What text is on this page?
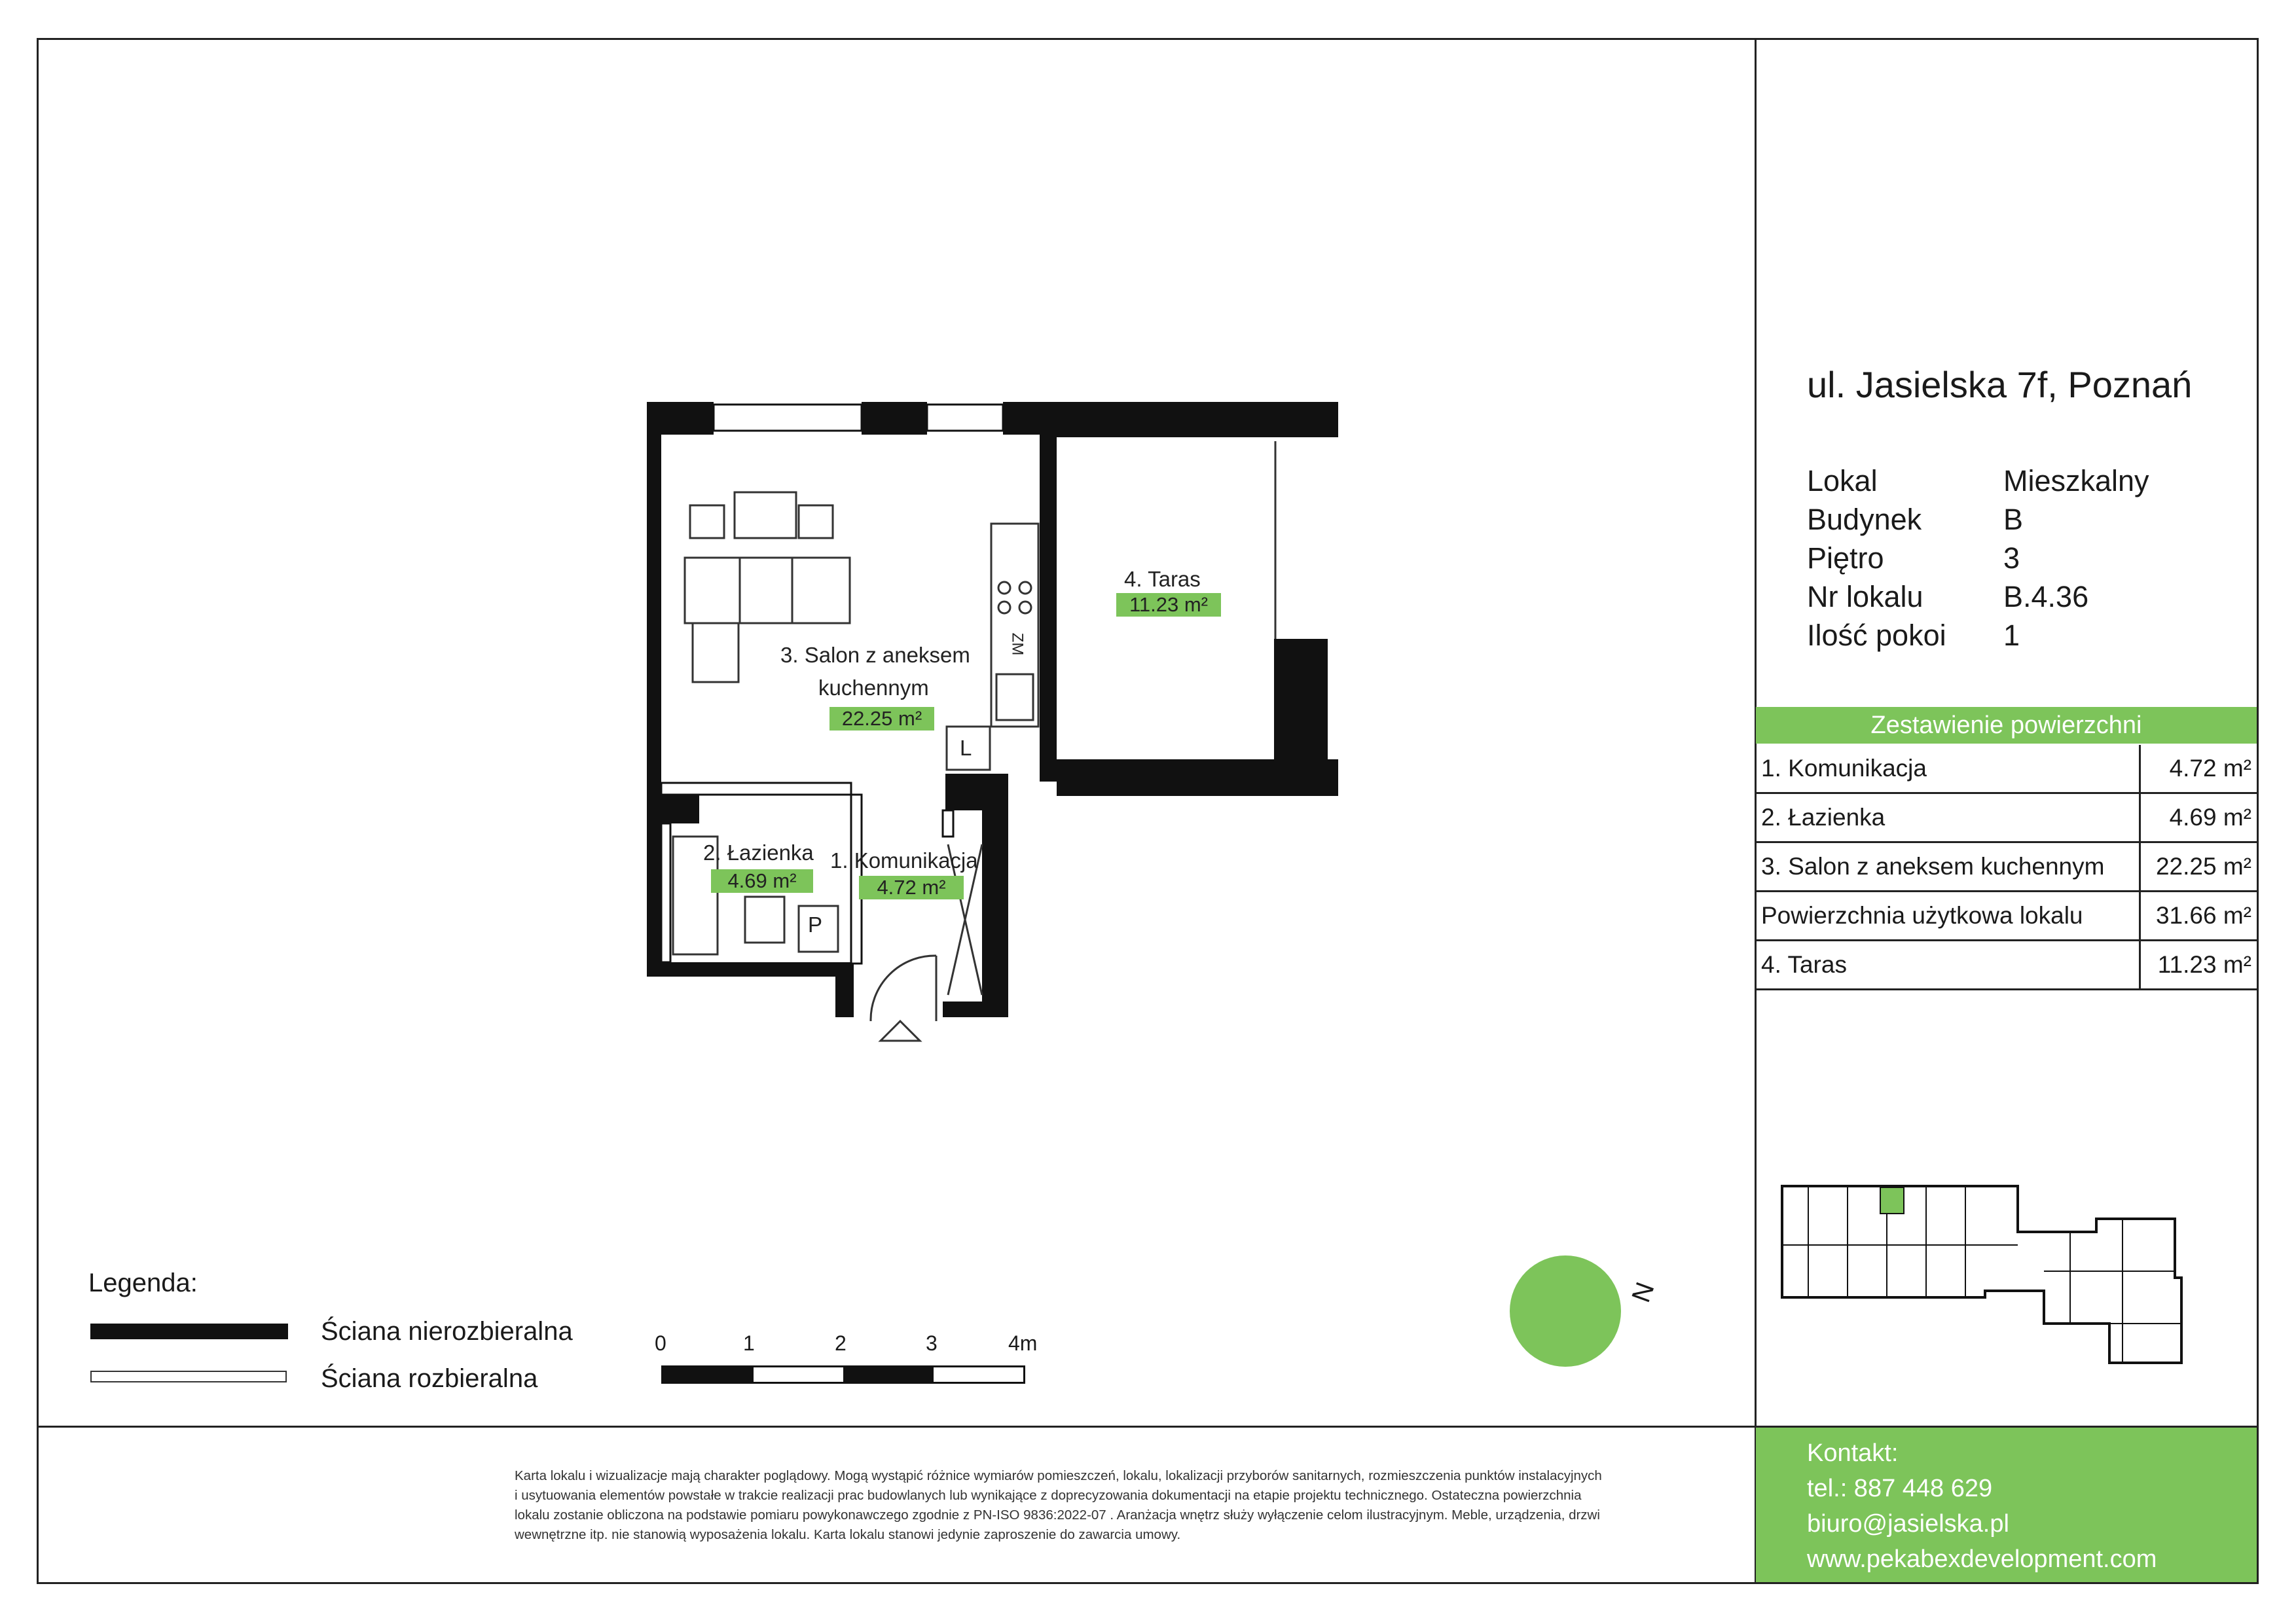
4. Taras
11.23 m²
3. Salon z aneksem
kuchennym
22.25 m²
2. Łazienka
4.69 m²
1. Komunikacja
4.72 m²
ZM
L
P
N
ul. Jasielska 7f, Poznań
Lokal	Mieszkalny
Budynek	B
Piętro	3
Nr lokalu	B.4.36
Ilość pokoi	1
Zestawienie powierzchni
1. Komunikacja	4.72 m²
2. Łazienka	4.69 m²
3. Salon z aneksem kuchennym	22.25 m²
Powierzchnia użytkowa lokalu	31.66 m²
4. Taras	11.23 m²
Legenda:
Ściana nierozbieralna
Ściana rozbieralna
0	1	2	3	4m
Karta lokalu i wizualizacje mają charakter poglądowy. Mogą wystąpić różnice wymiarów pomieszczeń, lokalu, lokalizacji przyborów sanitarnych, rozmieszczenia punktów instalacyjnych
i usytuowania elementów powstałe w trakcie realizacji prac budowlanych lub wynikające z doprecyzowania dokumentacji na etapie projektu technicznego. Ostateczna powierzchnia
lokalu zostanie obliczona na podstawie pomiaru powykonawczego zgodnie z PN-ISO 9836:2022-07 . Aranżacja wnętrz służy wyłączenie celom ilustracyjnym. Meble, urządzenia, drzwi
wewnętrzne itp. nie stanowią wyposażenia lokalu. Karta lokalu stanowi jedynie zaproszenie do zawarcia umowy.
Kontakt:
tel.: 887 448 629
biuro@jasielska.pl
www.pekabexdevelopment.com
